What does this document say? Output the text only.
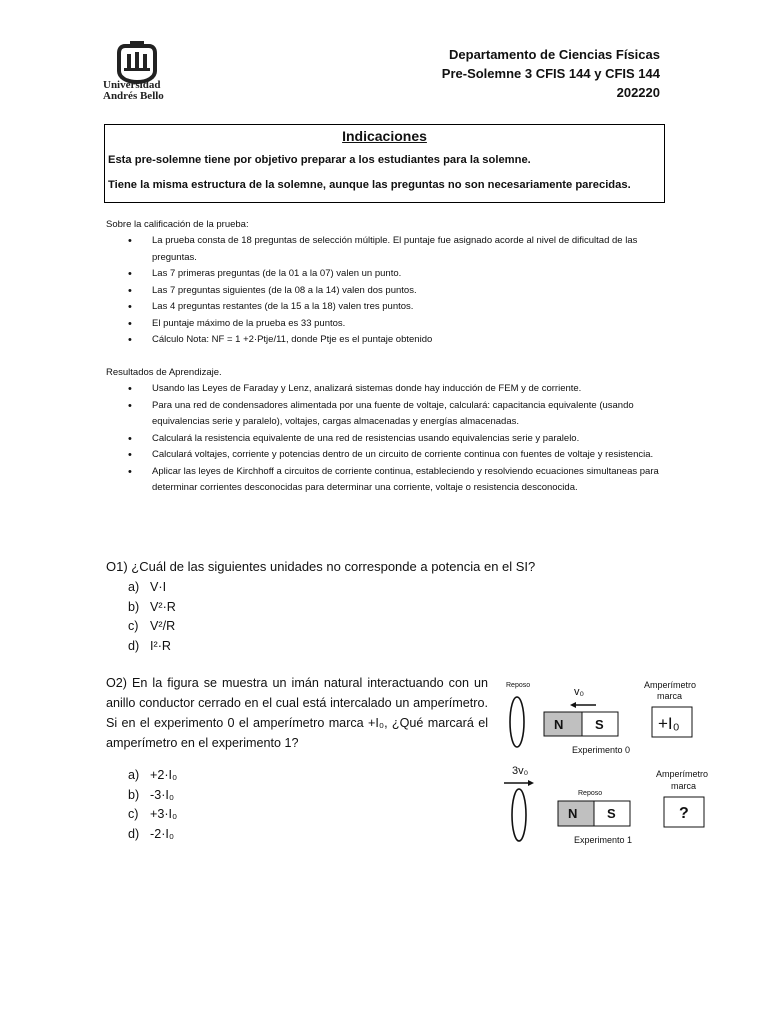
Universidad
Andrés Bello
Departamento de Ciencias Físicas
Pre-Solemne 3 CFIS 144 y CFIS 144
202220
Indicaciones
Esta pre-solemne tiene por objetivo preparar a los estudiantes para la solemne.
Tiene la misma estructura de la solemne, aunque las preguntas no son necesariamente parecidas.
Sobre la calificación de la prueba:
• La prueba consta de 18 preguntas de selección múltiple. El puntaje fue asignado acorde al nivel de dificultad de las preguntas.
• Las 7 primeras preguntas (de la 01 a la 07) valen un punto.
• Las 7 preguntas siguientes (de la 08 a la 14) valen dos puntos.
• Las 4 preguntas restantes (de la 15 a la 18) valen tres puntos.
• El puntaje máximo de la prueba es 33 puntos.
• Cálculo Nota: NF = 1 +2·Ptje/11, donde Ptje es el puntaje obtenido
Resultados de Aprendizaje.
• Usando las Leyes de Faraday y Lenz, analizará sistemas donde hay inducción de FEM y de corriente.
• Para una red de condensadores alimentada por una fuente de voltaje, calculará: capacitancia equivalente (usando equivalencias serie y paralelo), voltajes, cargas almacenadas y energías almacenadas.
• Calculará la resistencia equivalente de una red de resistencias usando equivalencias serie y paralelo.
• Calculará voltajes, corriente y potencias dentro de un circuito de corriente continua con fuentes de voltaje y resistencia.
• Aplicar las leyes de Kirchhoff a circuitos de corriente continua, estableciendo y resolviendo ecuaciones simultaneas para determinar corrientes desconocidas para determinar una corriente, voltaje o resistencia desconocida.
O1) ¿Cuál de las siguientes unidades no corresponde a potencia en el SI?
a) V·I
b) V²·R
c) V²/R
d) I²·R
O2) En la figura se muestra un imán natural interactuando con un anillo conductor cerrado en el cual está intercalado un amperímetro. Si en el experimento 0 el amperímetro marca +I₀, ¿Qué marcará el amperímetro en el experimento 1?
a) +2·I₀
b) -3·I₀
c) +3·I₀
d) -2·I₀
Reposo
v₀
N S
Experimento 0
Amperímetro
marca
+I₀
3v₀
Reposo
N S
Experimento 1
Amperímetro
marca
?
